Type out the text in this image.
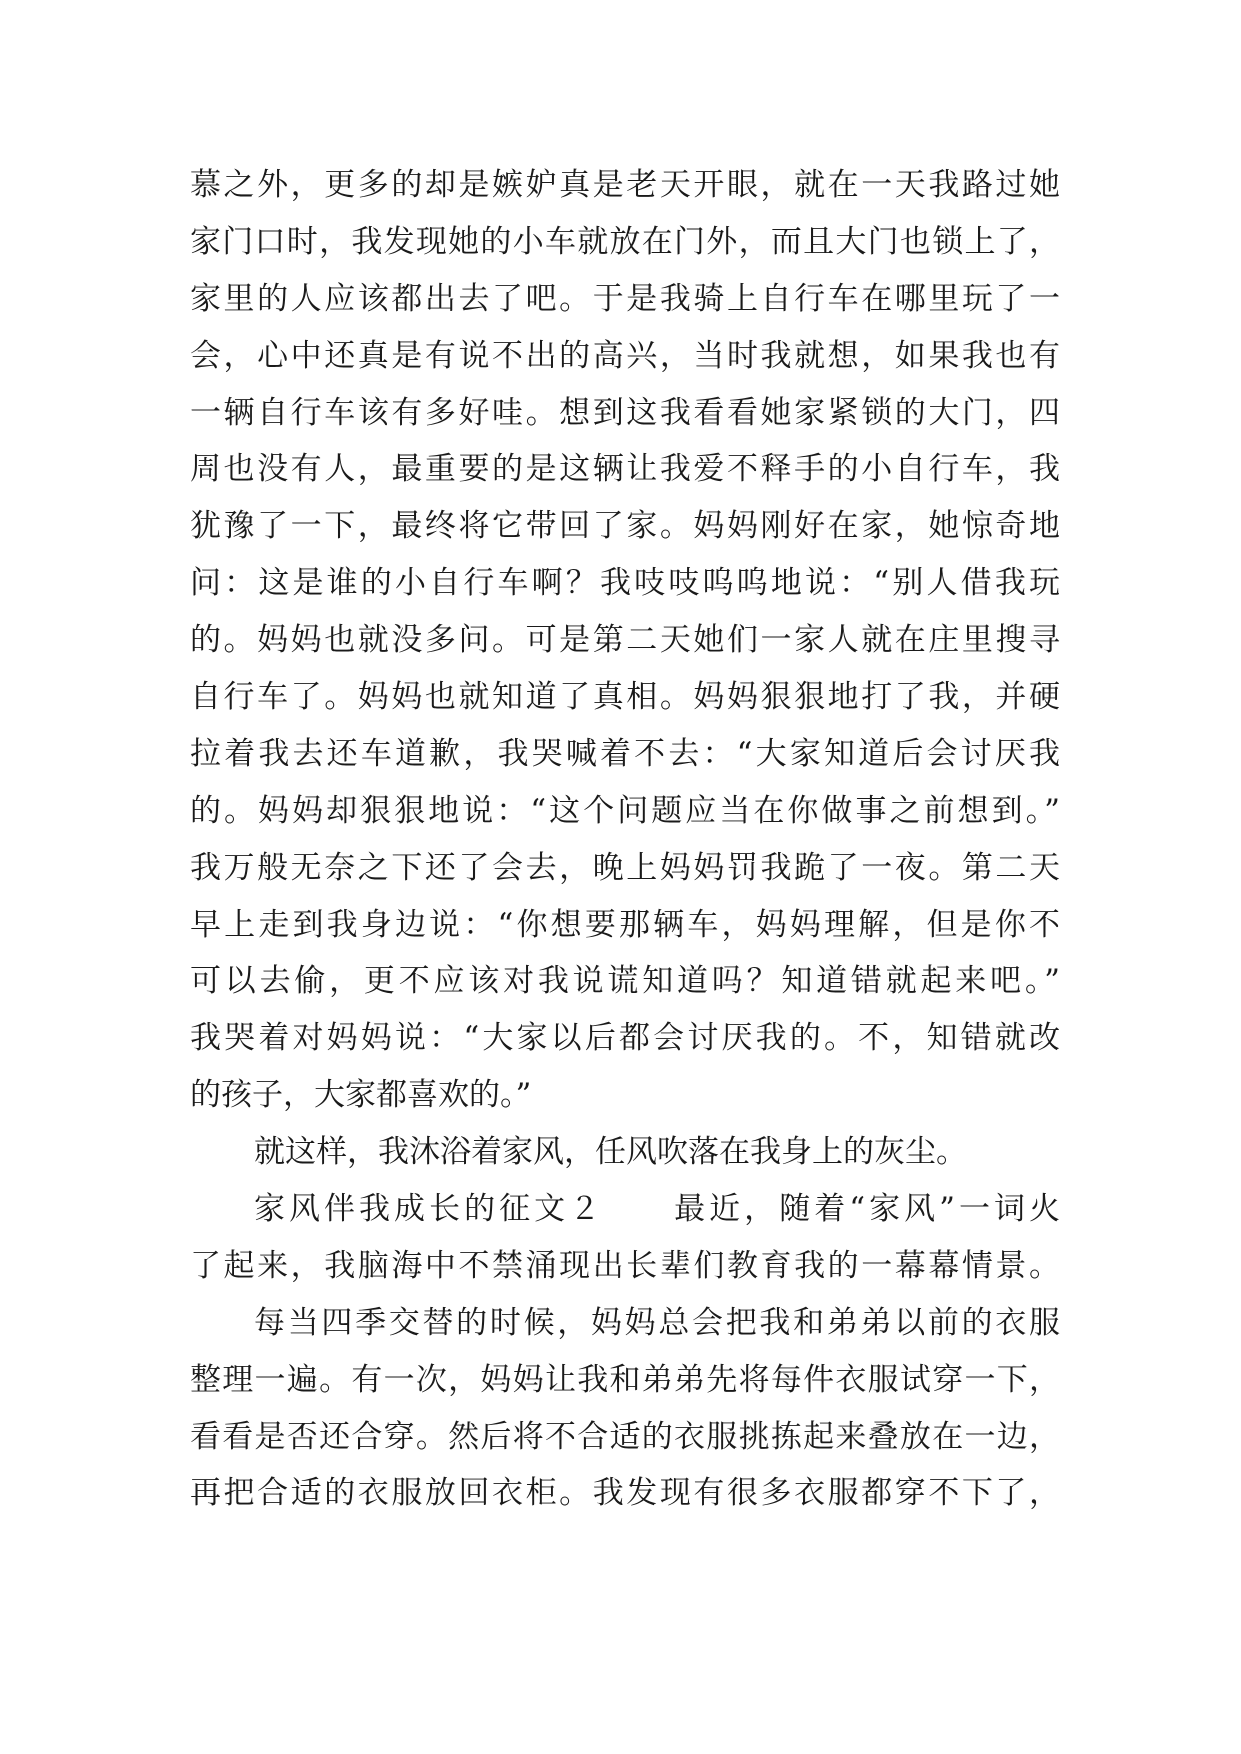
慕之外，更多的却是嫉妒真是老天开眼，就在一天我路过她
家门口时，我发现她的小车就放在门外，而且大门也锁上了，
家里的人应该都出去了吧。于是我骑上自行车在哪里玩了一
会，心中还真是有说不出的高兴，当时我就想，如果我也有
一辆自行车该有多好哇。想到这我看看她家紧锁的大门，四
周也没有人，最重要的是这辆让我爱不释手的小自行车，我
犹豫了一下，最终将它带回了家。妈妈刚好在家，她惊奇地
问：这是谁的小自行车啊？我吱吱呜呜地说：“别人借我玩
的。妈妈也就没多问。可是第二天她们一家人就在庄里搜寻
自行车了。妈妈也就知道了真相。妈妈狠狠地打了我，并硬
拉着我去还车道歉，我哭喊着不去：“大家知道后会讨厌我
的。妈妈却狠狠地说：“这个问题应当在你做事之前想到。”
我万般无奈之下还了会去，晚上妈妈罚我跪了一夜。第二天
早上走到我身边说：“你想要那辆车，妈妈理解，但是你不
可以去偷，更不应该对我说谎知道吗？知道错就起来吧。”
我哭着对妈妈说：“大家以后都会讨厌我的。不，知错就改
的孩子，大家都喜欢的。”
就这样，我沐浴着家风，任风吹落在我身上的灰尘。
家风伴我成长的征文２　　最近，随着“家风”一词火
了起来，我脑海中不禁涌现出长辈们教育我的一幕幕情景。
每当四季交替的时候，妈妈总会把我和弟弟以前的衣服
整理一遍。有一次，妈妈让我和弟弟先将每件衣服试穿一下，
看看是否还合穿。然后将不合适的衣服挑拣起来叠放在一边，
再把合适的衣服放回衣柜。我发现有很多衣服都穿不下了，
